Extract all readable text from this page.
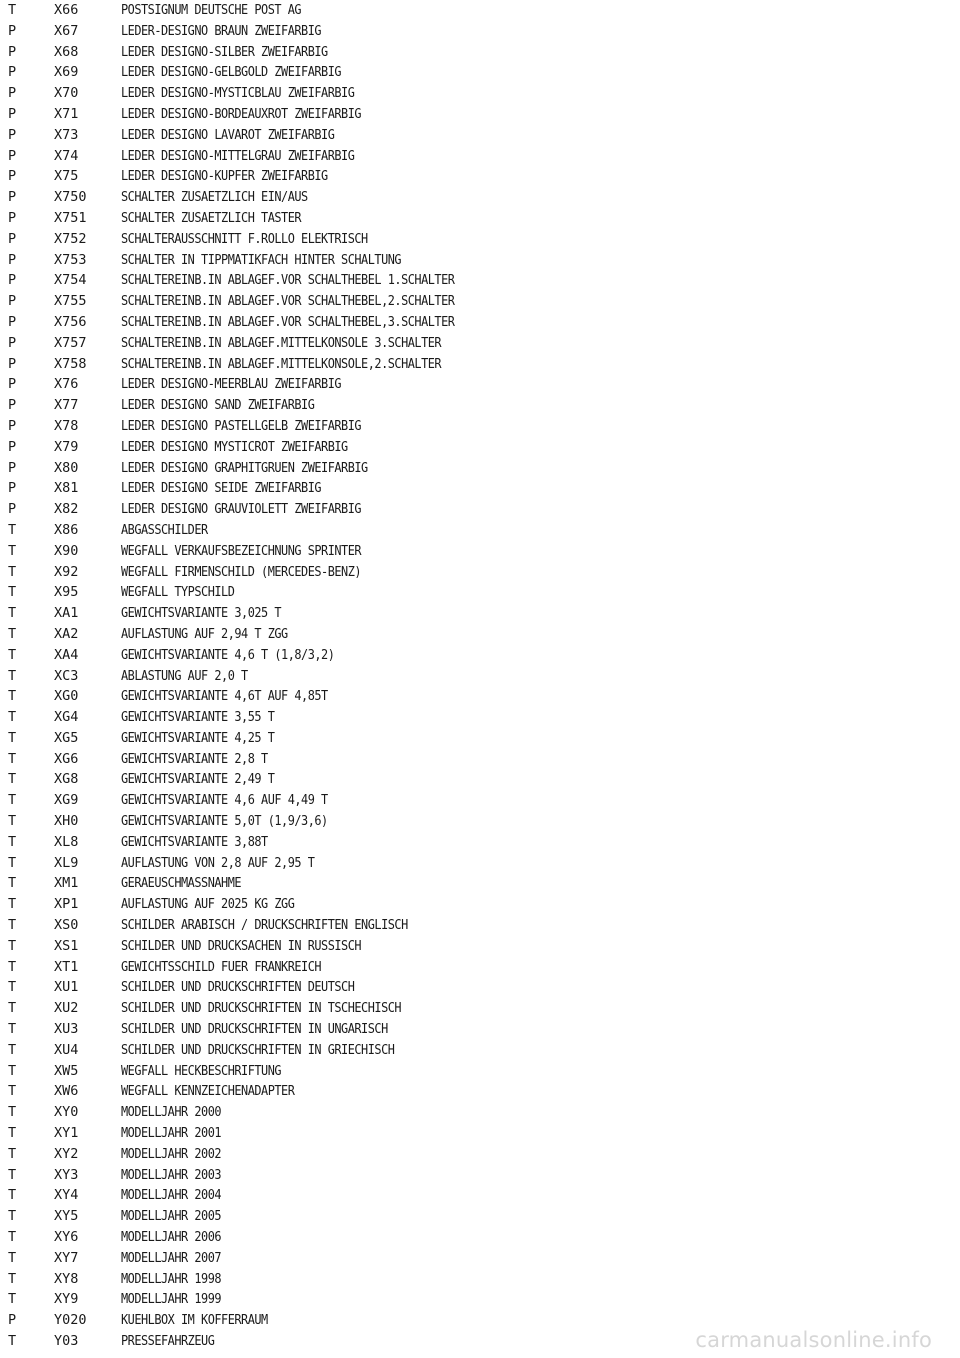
T	X66	POSTSIGNUM DEUTSCHE POST AG
P	X67	LEDER-DESIGNO BRAUN ZWEIFARBIG
P	X68	LEDER DESIGNO-SILBER ZWEIFARBIG
P	X69	LEDER DESIGNO-GELBGOLD ZWEIFARBIG
P	X70	LEDER DESIGNO-MYSTICBLAU ZWEIFARBIG
P	X71	LEDER DESIGNO-BORDEAUXROT ZWEIFARBIG
P	X73	LEDER DESIGNO LAVAROT ZWEIFARBIG
P	X74	LEDER DESIGNO-MITTELGRAU ZWEIFARBIG
P	X75	LEDER DESIGNO-KUPFER ZWEIFARBIG
P	X750	SCHALTER ZUSAETZLICH EIN/AUS
P	X751	SCHALTER ZUSAETZLICH TASTER
P	X752	SCHALTERAUSSCHNITT F.ROLLO ELEKTRISCH
P	X753	SCHALTER IN TIPPMATIKFACH HINTER SCHALTUNG
P	X754	SCHALTEREINB.IN ABLAGEF.VOR SCHALTHEBEL 1.SCHALTER
P	X755	SCHALTEREINB.IN ABLAGEF.VOR SCHALTHEBEL,2.SCHALTER
P	X756	SCHALTEREINB.IN ABLAGEF.VOR SCHALTHEBEL,3.SCHALTER
P	X757	SCHALTEREINB.IN ABLAGEF.MITTELKONSOLE 3.SCHALTER
P	X758	SCHALTEREINB.IN ABLAGEF.MITTELKONSOLE,2.SCHALTER
P	X76	LEDER DESIGNO-MEERBLAU ZWEIFARBIG
P	X77	LEDER DESIGNO SAND ZWEIFARBIG
P	X78	LEDER DESIGNO PASTELLGELB ZWEIFARBIG
P	X79	LEDER DESIGNO MYSTICROT ZWEIFARBIG
P	X80	LEDER DESIGNO GRAPHITGRUEN ZWEIFARBIG
P	X81	LEDER DESIGNO SEIDE ZWEIFARBIG
P	X82	LEDER DESIGNO GRAUVIOLETT ZWEIFARBIG
T	X86	ABGASSCHILDER
T	X90	WEGFALL VERKAUFSBEZEICHNUNG SPRINTER
T	X92	WEGFALL FIRMENSCHILD (MERCEDES-BENZ)
T	X95	WEGFALL TYPSCHILD
T	XA1	GEWICHTSVARIANTE 3,025 T
T	XA2	AUFLASTUNG AUF 2,94 T ZGG
T	XA4	GEWICHTSVARIANTE 4,6 T (1,8/3,2)
T	XC3	ABLASTUNG AUF 2,0 T
T	XG0	GEWICHTSVARIANTE 4,6T AUF 4,85T
T	XG4	GEWICHTSVARIANTE 3,55 T
T	XG5	GEWICHTSVARIANTE 4,25 T
T	XG6	GEWICHTSVARIANTE 2,8 T
T	XG8	GEWICHTSVARIANTE 2,49 T
T	XG9	GEWICHTSVARIANTE 4,6 AUF 4,49 T
T	XH0	GEWICHTSVARIANTE 5,0T (1,9/3,6)
T	XL8	GEWICHTSVARIANTE 3,88T
T	XL9	AUFLASTUNG VON 2,8 AUF 2,95 T
T	XM1	GERAEUSCHMASSNAHME
T	XP1	AUFLASTUNG AUF 2025 KG ZGG
T	XS0	SCHILDER ARABISCH / DRUCKSCHRIFTEN ENGLISCH
T	XS1	SCHILDER UND DRUCKSACHEN IN RUSSISCH
T	XT1	GEWICHTSSCHILD FUER FRANKREICH
T	XU1	SCHILDER UND DRUCKSCHRIFTEN DEUTSCH
T	XU2	SCHILDER UND DRUCKSCHRIFTEN IN TSCHECHISCH
T	XU3	SCHILDER UND DRUCKSCHRIFTEN IN UNGARISCH
T	XU4	SCHILDER UND DRUCKSCHRIFTEN IN GRIECHISCH
T	XW5	WEGFALL HECKBESCHRIFTUNG
T	XW6	WEGFALL KENNZEICHENADAPTER
T	XY0	MODELLJAHR 2000
T	XY1	MODELLJAHR 2001
T	XY2	MODELLJAHR 2002
T	XY3	MODELLJAHR 2003
T	XY4	MODELLJAHR 2004
T	XY5	MODELLJAHR 2005
T	XY6	MODELLJAHR 2006
T	XY7	MODELLJAHR 2007
T	XY8	MODELLJAHR 1998
T	XY9	MODELLJAHR 1999
P	Y020	KUEHLBOX IM KOFFERRAUM
T	Y03	PRESSEFAHRZEUG	carmanualsonline.info
